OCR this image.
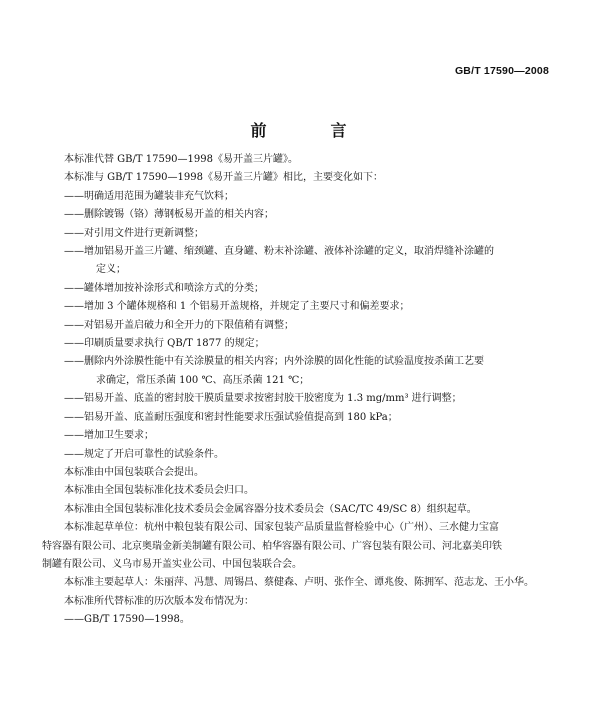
GB/T 17590—2008
前　言

本标准代替 GB/T 17590—1998《易开盖三片罐》。

本标准与 GB/T 17590—1998《易开盖三片罐》相比，主要变化如下：

——明确适用范围为罐装非充气饮料；

——删除镀锡（铬）薄钢板易开盖的相关内容；

——对引用文件进行更新调整；

——增加铝易开盖三片罐、缩颈罐、直身罐、粉末补涂罐、液体补涂罐的定义，取消焊缝补涂罐的

定义；

——罐体增加按补涂形式和喷涂方式的分类；

——增加 3 个罐体规格和 1 个铝易开盖规格，并规定了主要尺寸和偏差要求；

——对铝易开盖启破力和全开力的下限值稍有调整；

——印刷质量要求执行 QB/T 1877 的规定；

——删除内外涂膜性能中有关涂膜量的相关内容；内外涂膜的固化性能的试验温度按杀菌工艺要

求确定，常压杀菌 100 ℃、高压杀菌 121 ℃；

——铝易开盖、底盖的密封胶干膜质量要求按密封胶干胶密度为 1.3 mg/mm³ 进行调整；

——铝易开盖、底盖耐压强度和密封性能要求压强试验值提高到 180 kPa；

——增加卫生要求；

——规定了开启可靠性的试验条件。

本标准由中国包装联合会提出。

本标准由全国包装标准化技术委员会归口。

本标准由全国包装标准化技术委员会金属容器分技术委员会（SAC/TC 49/SC 8）组织起草。

本标准起草单位：杭州中粮包装有限公司、国家包装产品质量监督检验中心（广州）、三水健力宝富

特容器有限公司、北京奥瑞金新美制罐有限公司、柏华容器有限公司、广容包装有限公司、河北嘉美印铁

制罐有限公司、义乌市易开盖实业公司、中国包装联合会。

本标准主要起草人：朱丽萍、冯慧、周锡昌、蔡健森、卢明、张作全、谭兆俊、陈拥军、范志龙、王小华。

本标准所代替标准的历次版本发布情况为：

——GB/T 17590—1998。
